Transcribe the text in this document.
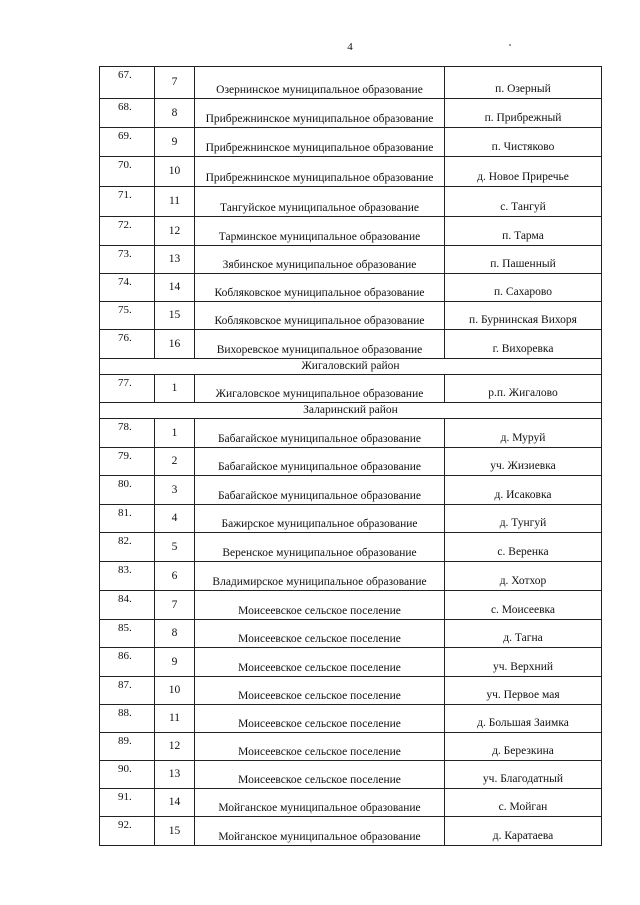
4
67.	7	Озернинское муниципальное образование	п. Озерный
68.	8	Прибрежнинское муниципальное образование	п. Прибрежный
69.	9	Прибрежнинское муниципальное образование	п. Чистяково
70.	10	Прибрежнинское муниципальное образование	д. Новое Приречье
71.	11	Тангуйское муниципальное образование	с. Тангуй
72.	12	Тарминское муниципальное образование	п. Тарма
73.	13	Зябинское муниципальное образование	п. Пашенный
74.	14	Кобляковское муниципальное образование	п. Сахарово
75.	15	Кобляковское муниципальное образование	п. Бурнинская Вихоря
76.	16	Вихоревское муниципальное образование	г. Вихоревка
Жигаловский район			
77.	1	Жигаловское муниципальное образование	р.п. Жигалово
Заларинский район			
78.	1	Бабагайское муниципальное образование	д. Муруй
79.	2	Бабагайское муниципальное образование	уч. Жизиевка
80.	3	Бабагайское муниципальное образование	д. Исаковка
81.	4	Бажирское муниципальное образование	д. Тунгуй
82.	5	Веренское муниципальное образование	с. Веренка
83.	6	Владимирское муниципальное образование	д. Хотхор
84.	7	Моисеевское сельское поселение	с. Моисеевка
85.	8	Моисеевское сельское поселение	д. Тагна
86.	9	Моисеевское сельское поселение	уч. Верхний
87.	10	Моисеевское сельское поселение	уч. Первое мая
88.	11	Моисеевское сельское поселение	д. Большая Заимка
89.	12	Моисеевское сельское поселение	д. Березкина
90.	13	Моисеевское сельское поселение	уч. Благодатный
91.	14	Мойганское муниципальное образование	с. Мойган
92.	15	Мойганское муниципальное образование	д. Каратаева
